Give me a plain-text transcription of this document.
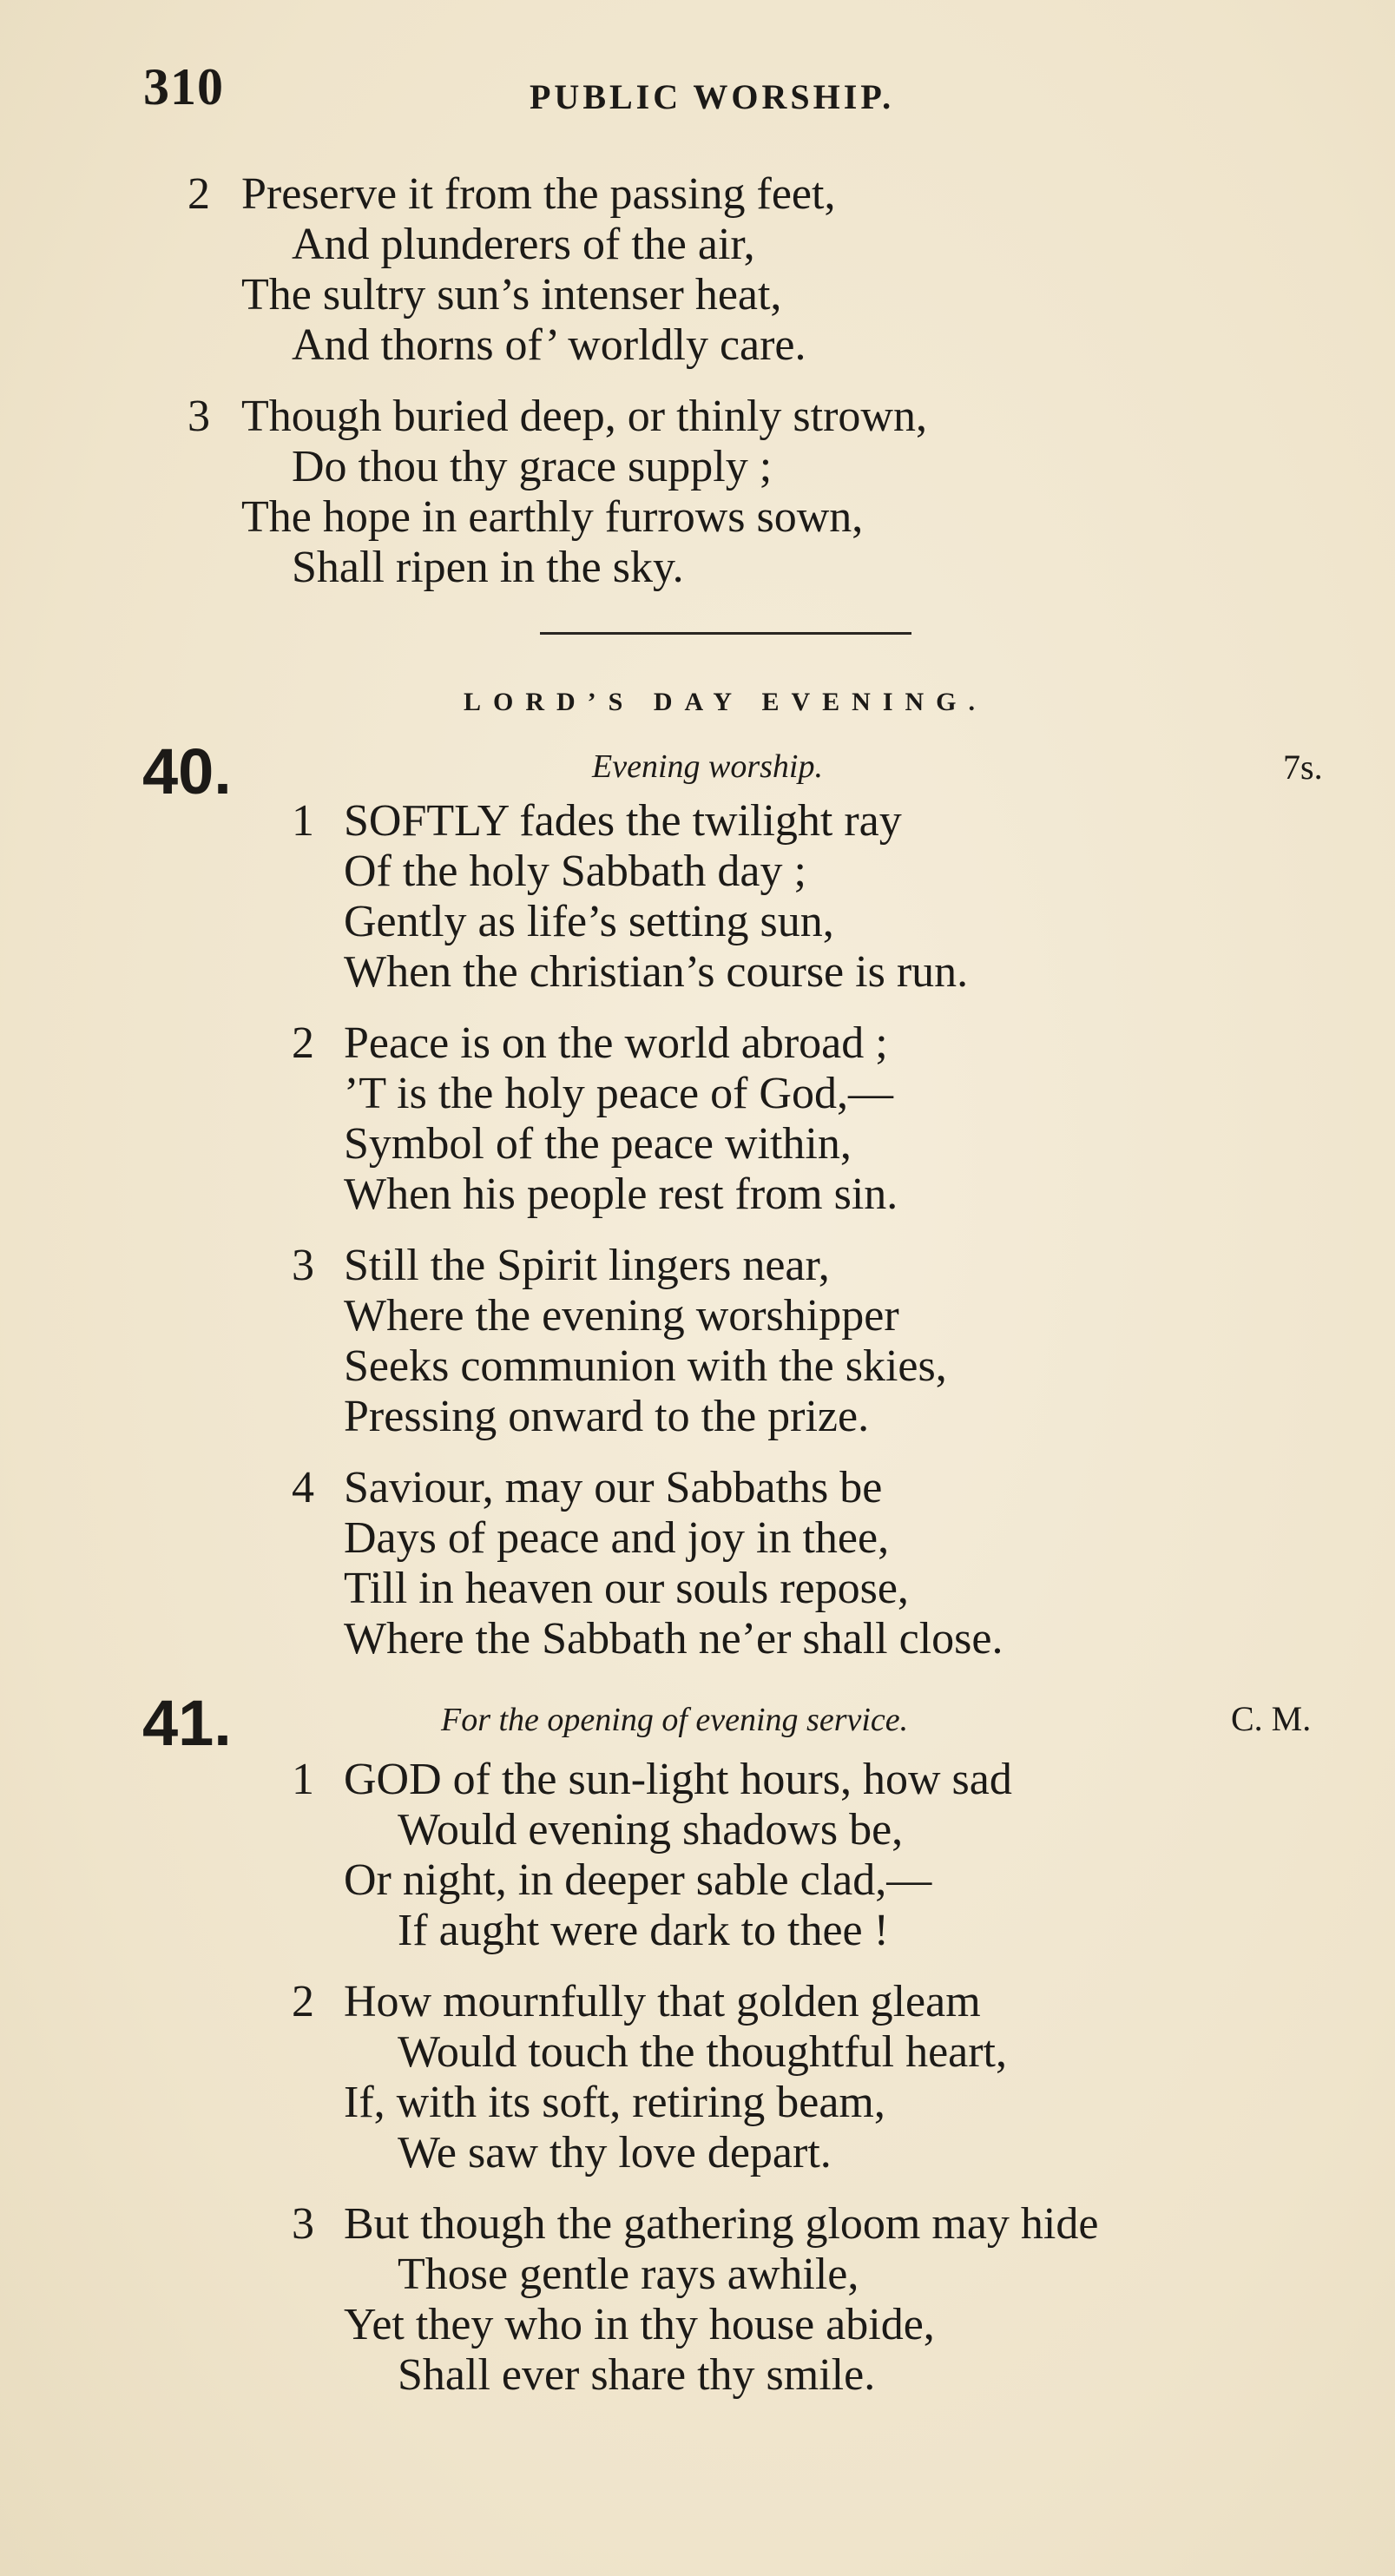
310	PUBLIC WORSHIP.
2 Preserve it from the passing feet,
And plunderers of the air,
The sultry sun’s intenser heat,
And thorns of’ worldly care.
3 Though buried deep, or thinly strown,
Do thou thy grace supply ;
The hope in earthly furrows sown,
Shall ripen in the sky.
LORD’S DAY EVENING.
40.	Evening worship.	7s.
1 SOFTLY fades the twilight ray
Of the holy Sabbath day ;
Gently as life’s setting sun,
When the christian’s course is run.
2 Peace is on the world abroad ;
’T is the holy peace of God,—
Symbol of the peace within,
When his people rest from sin.
3 Still the Spirit lingers near,
Where the evening worshipper
Seeks communion with the skies,
Pressing onward to the prize.
4 Saviour, may our Sabbaths be
Days of peace and joy in thee,
Till in heaven our souls repose,
Where the Sabbath ne’er shall close.
41.	For the opening of evening service.	C. M.
1 GOD of the sun-light hours, how sad
Would evening shadows be,
Or night, in deeper sable clad,—
If aught were dark to thee !
2 How mournfully that golden gleam
Would touch the thoughtful heart,
If, with its soft, retiring beam,
We saw thy love depart.
3 But though the gathering gloom may hide
Those gentle rays awhile,
Yet they who in thy house abide,
Shall ever share thy smile.
